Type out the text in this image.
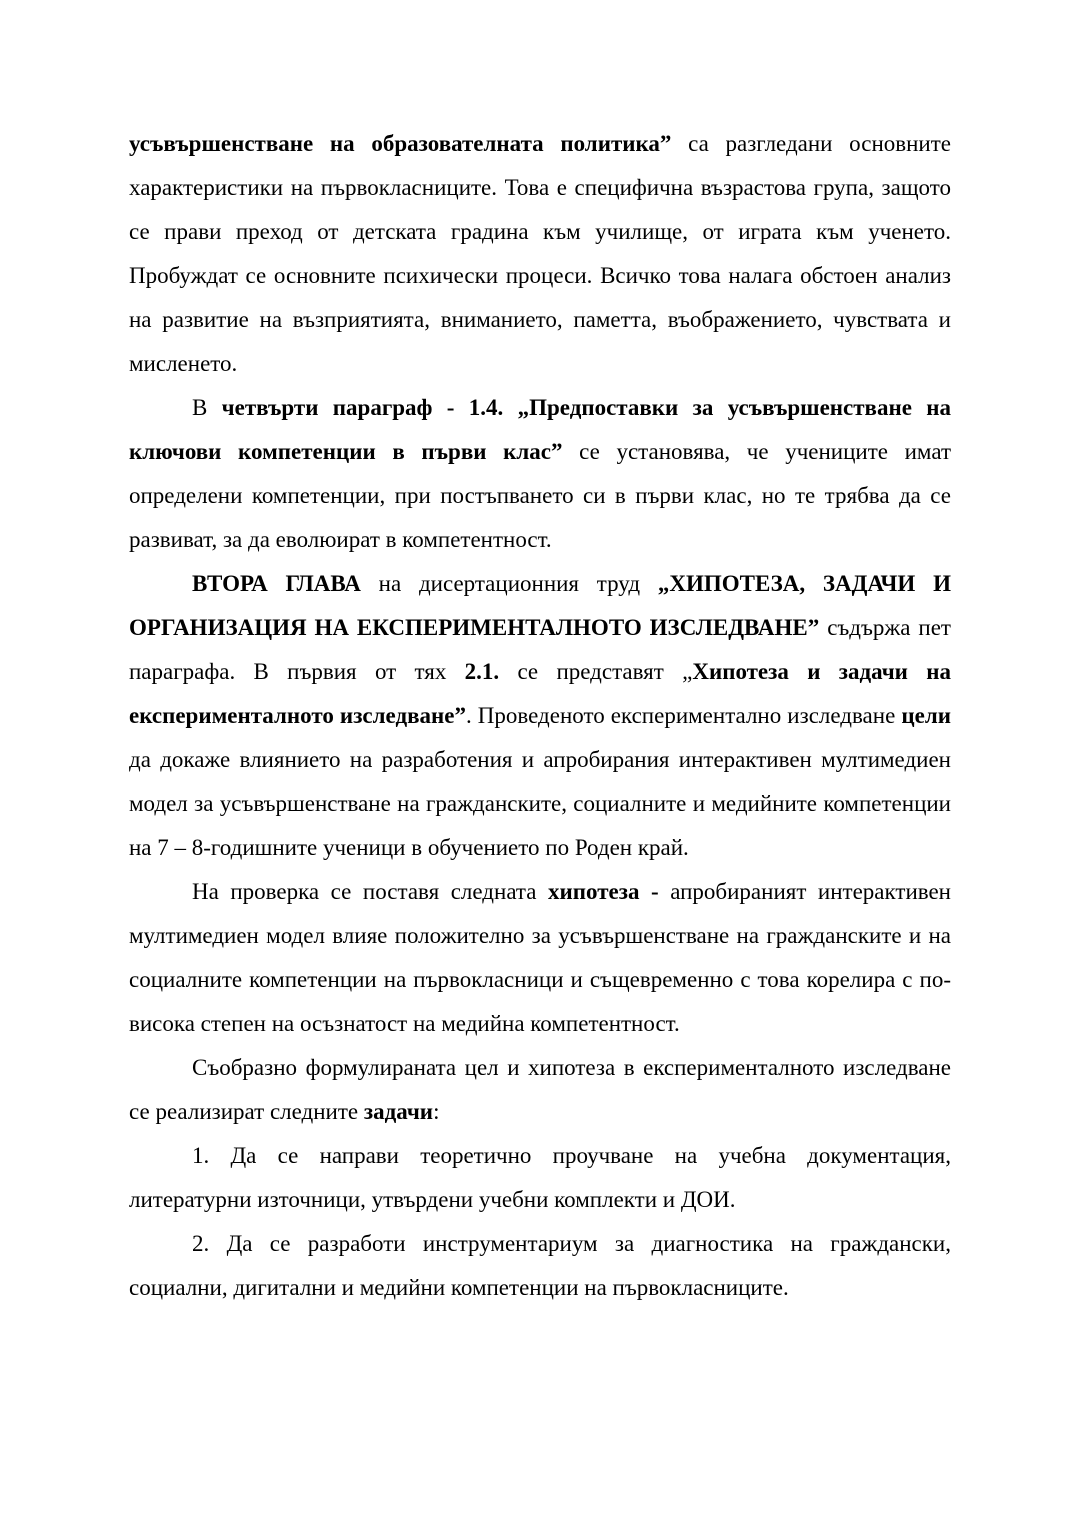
усъвършенстване на образователната политика” са разгледани основните характеристики на първокласниците. Това е специфична възрастова група, защото се прави преход от детската градина към училище, от играта към ученето. Пробуждат се основните психически процеси. Всичко това налага обстоен анализ на развитие на възприятията, вниманието, паметта, въображението, чувствата и мисленето.

В четвърти параграф - 1.4. „Предпоставки за усъвършенстване на ключови компетенции в първи клас” се установява, че учениците имат определени компетенции, при постъпването си в първи клас, но те трябва да се развиват, за да еволюират в компетентност.

ВТОРА ГЛАВА на дисертационния труд „ХИПОТЕЗА, ЗАДАЧИ И ОРГАНИЗАЦИЯ НА ЕКСПЕРИМЕНТАЛНОТО ИЗСЛЕДВАНЕ” съдържа пет параграфа. В първия от тях 2.1. се представят „Хипотеза и задачи на експерименталното изследване”. Проведеното експериментално изследване цели да докаже влиянието на разработения и апробирания интерактивен мултимедиен модел за усъвършенстване на гражданските, социалните и медийните компетенции на 7 – 8-годишните ученици в обучението по Роден край.

На проверка се поставя следната хипотеза - апробираният интерактивен мултимедиен модел влияе положително за усъвършенстване на гражданските и на социалните компетенции на първокласници и същевременно с това корелира с по-висока степен на осъзнатост на медийна компетентност.

Съобразно формулираната цел и хипотеза в експерименталното изследване се реализират следните задачи:

1. Да се направи теоретично проучване на учебна документация, литературни източници, утвърдени учебни комплекти и ДОИ.

2. Да се разработи инструментариум за диагностика на граждански, социални, дигитални и медийни компетенции на първокласниците.
